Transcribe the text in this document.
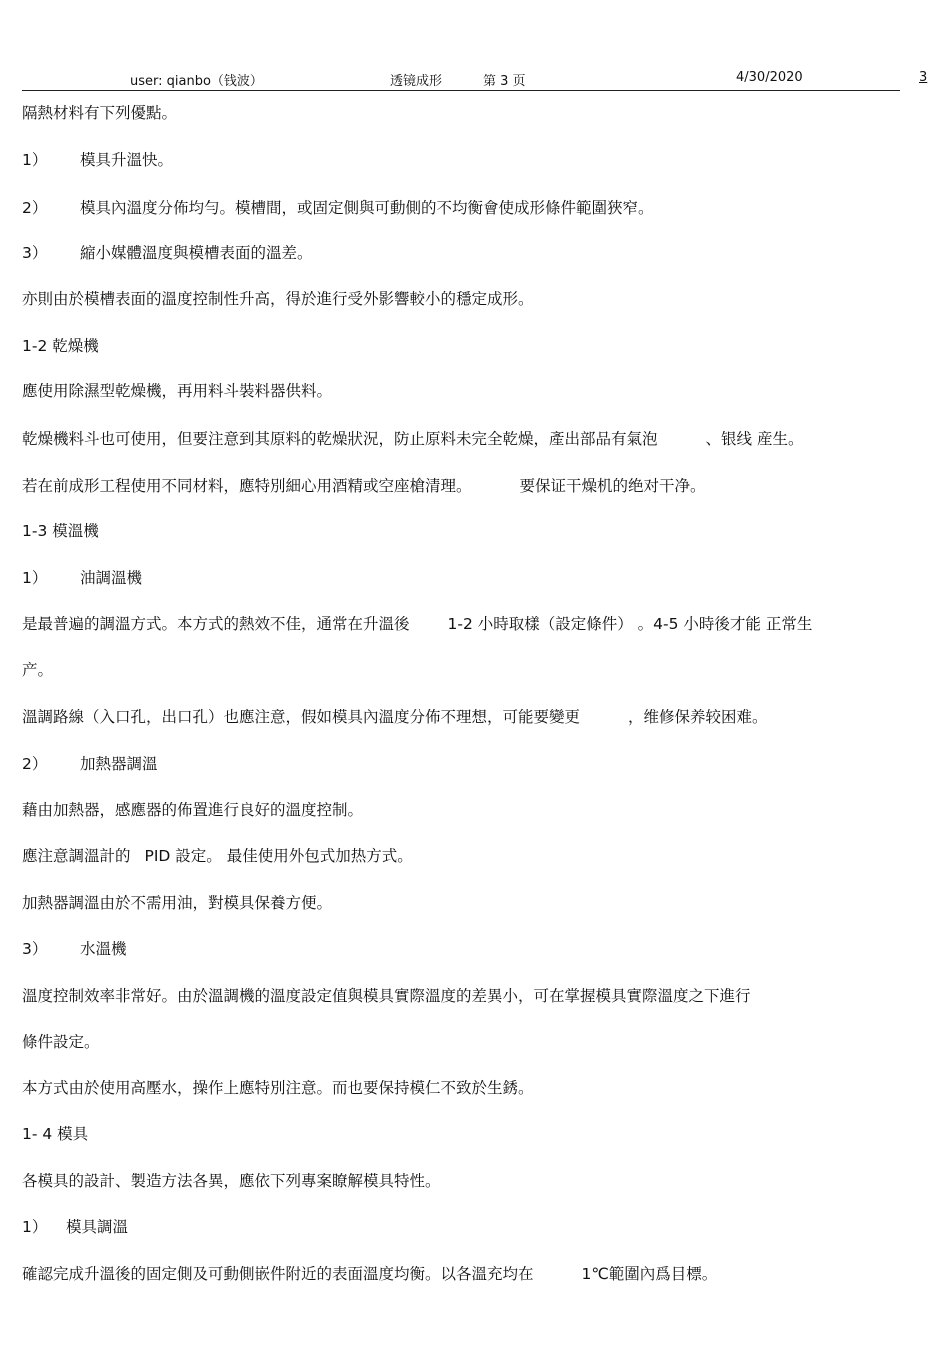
user: qianbo（钱波）	透镜成形	第 3 页	4/30/2020	3
隔熱材料有下列優點。
1） 模具升溫快。
2） 模具內溫度分佈均勻。模槽間，或固定側與可動側的不均衡會使成形條件範圍狹窄。
3） 縮小媒體溫度與模槽表面的溫差。
亦則由於模槽表面的溫度控制性升高，得於進行受外影響較小的穩定成形。
1-2 乾燥機
應使用除濕型乾燥機，再用料斗裝料器供料。
乾燥機料斗也可使用，但要注意到其原料的乾燥狀況，防止原料未完全乾燥，產出部品有氣泡	、银线 産生。
若在前成形工程使用不同材料，應特別細心用酒精或空座槍清理。	要保证干燥机的绝对干净。
1-3 模溫機
1） 油調溫機
是最普遍的調溫方式。本方式的熱效不佳，通常在升溫後 1-2 小時取樣（設定條件） 。4-5 小時後才能 正常生
产。
溫調路線（入口孔，出口孔）也應注意，假如模具內溫度分佈不理想，可能要變更	，维修保养较困难。
2） 加熱器調溫
藉由加熱器，感應器的佈置進行良好的溫度控制。
應注意調溫計的 PID 設定。 最佳使用外包式加热方式。
加熱器調溫由於不需用油，對模具保養方便。
3） 水溫機
溫度控制效率非常好。由於溫調機的溫度設定值與模具實際溫度的差異小，可在掌握模具實際溫度之下進行
條件設定。
本方式由於使用高壓水，操作上應特別注意。而也要保持模仁不致於生銹。
1- 4 模具
各模具的設計、製造方法各異，應依下列專案瞭解模具特性。
1） 模具調溫
確認完成升溫後的固定側及可動側嵌件附近的表面溫度均衡。以各溫充均在	1℃範圍內爲目標。
